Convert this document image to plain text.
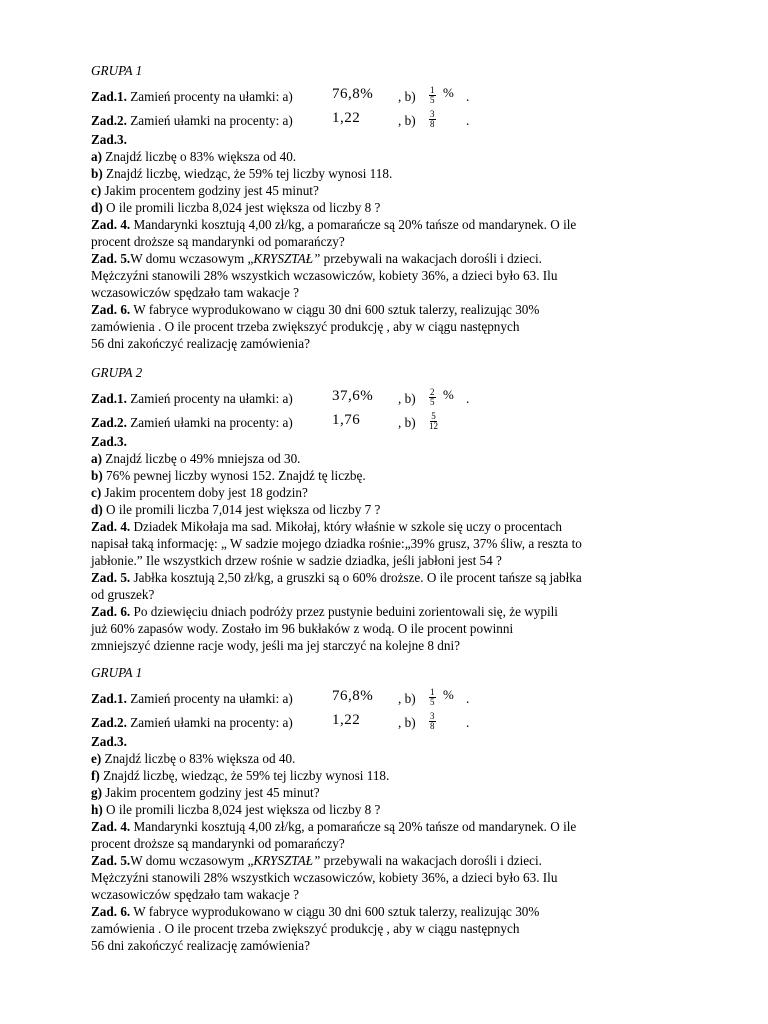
GRUPA 1
Zad.1. Zamień procenty na ułamki: a)	76,8% , $b) \frac{1}{5}$ % .
Zad.2. Zamień ułamki na procenty: a)	1,22	, $b) \frac{3}{8}$ .
Zad.3.
a) Znajdź liczbę o 83% większa od 40.
b) Znajdź liczbę, wiedząc, że 59% tej liczby wynosi 118.
c) Jakim procentem godziny jest 45 minut?
d) O ile promili liczba 8,024 jest większa od liczby 8 ?
Zad. 4. Mandarynki kosztują 4,00 zł/kg, a pomarańcze są 20% tańsze od mandarynek. O ile
procent droższe są mandarynki od pomarańczy?
Zad. 5.W domu wczasowym „KRYSZTAŁ” przebywali na wakacjach dorośli i dzieci.
Mężczyźni stanowili 28% wszystkich wczasowiczów, kobiety 36%, a dzieci było 63. Ilu
wczasowiczów spędzało tam wakacje ?
Zad. 6. W fabryce wyprodukowano w ciągu 30 dni 600 sztuk talerzy, realizując 30%
zamówienia . O ile procent trzeba zwiększyć produkcję , aby w ciągu następnych
56 dni zakończyć realizację zamówienia?
GRUPA 2
Zad.1. Zamień procenty na ułamki: a)	37,6% , $b) \frac{2}{5}$ % .
Zad.2. Zamień ułamki na procenty: a)	1,76	, $b) \frac{5}{12}$
Zad.3.
a) Znajdź liczbę o 49% mniejsza od 30.
b) 76% pewnej liczby wynosi 152. Znajdź tę liczbę.
c) Jakim procentem doby jest 18 godzin?
d) O ile promili liczba 7,014 jest większa od liczby 7 ?
Zad. 4. Dziadek Mikołaja ma sad. Mikołaj, który właśnie w szkole się uczy o procentach
napisał taką informację: „ W sadzie mojego dziadka rośnie:„39% grusz, 37% śliw, a reszta to
jabłonie.” Ile wszystkich drzew rośnie w sadzie dziadka, jeśli jabłoni jest 54 ?
Zad. 5. Jabłka kosztują 2,50 zł/kg, a gruszki są o 60% droższe. O ile procent tańsze są jabłka
od gruszek?
Zad. 6. Po dziewięciu dniach podróży przez pustynie beduini zorientowali się, że wypili
już 60% zapasów wody. Zostało im 96 bukłaków z wodą. O ile procent powinni
zmniejszyć dzienne racje wody, jeśli ma jej starczyć na kolejne 8 dni?
GRUPA 1
Zad.1. Zamień procenty na ułamki: a)	76,8% , $b) \frac{1}{5}$ % .
Zad.2. Zamień ułamki na procenty: a)	1,22	, $b) \frac{3}{8}$ .
Zad.3.
e) Znajdź liczbę o 83% większa od 40.
f) Znajdź liczbę, wiedząc, że 59% tej liczby wynosi 118.
g) Jakim procentem godziny jest 45 minut?
h) O ile promili liczba 8,024 jest większa od liczby 8 ?
Zad. 4. Mandarynki kosztują 4,00 zł/kg, a pomarańcze są 20% tańsze od mandarynek. O ile
procent droższe są mandarynki od pomarańczy?
Zad. 5.W domu wczasowym „KRYSZTAŁ” przebywali na wakacjach dorośli i dzieci.
Mężczyźni stanowili 28% wszystkich wczasowiczów, kobiety 36%, a dzieci było 63. Ilu
wczasowiczów spędzało tam wakacje ?
Zad. 6. W fabryce wyprodukowano w ciągu 30 dni 600 sztuk talerzy, realizując 30%
zamówienia . O ile procent trzeba zwiększyć produkcję , aby w ciągu następnych
56 dni zakończyć realizację zamówienia?
